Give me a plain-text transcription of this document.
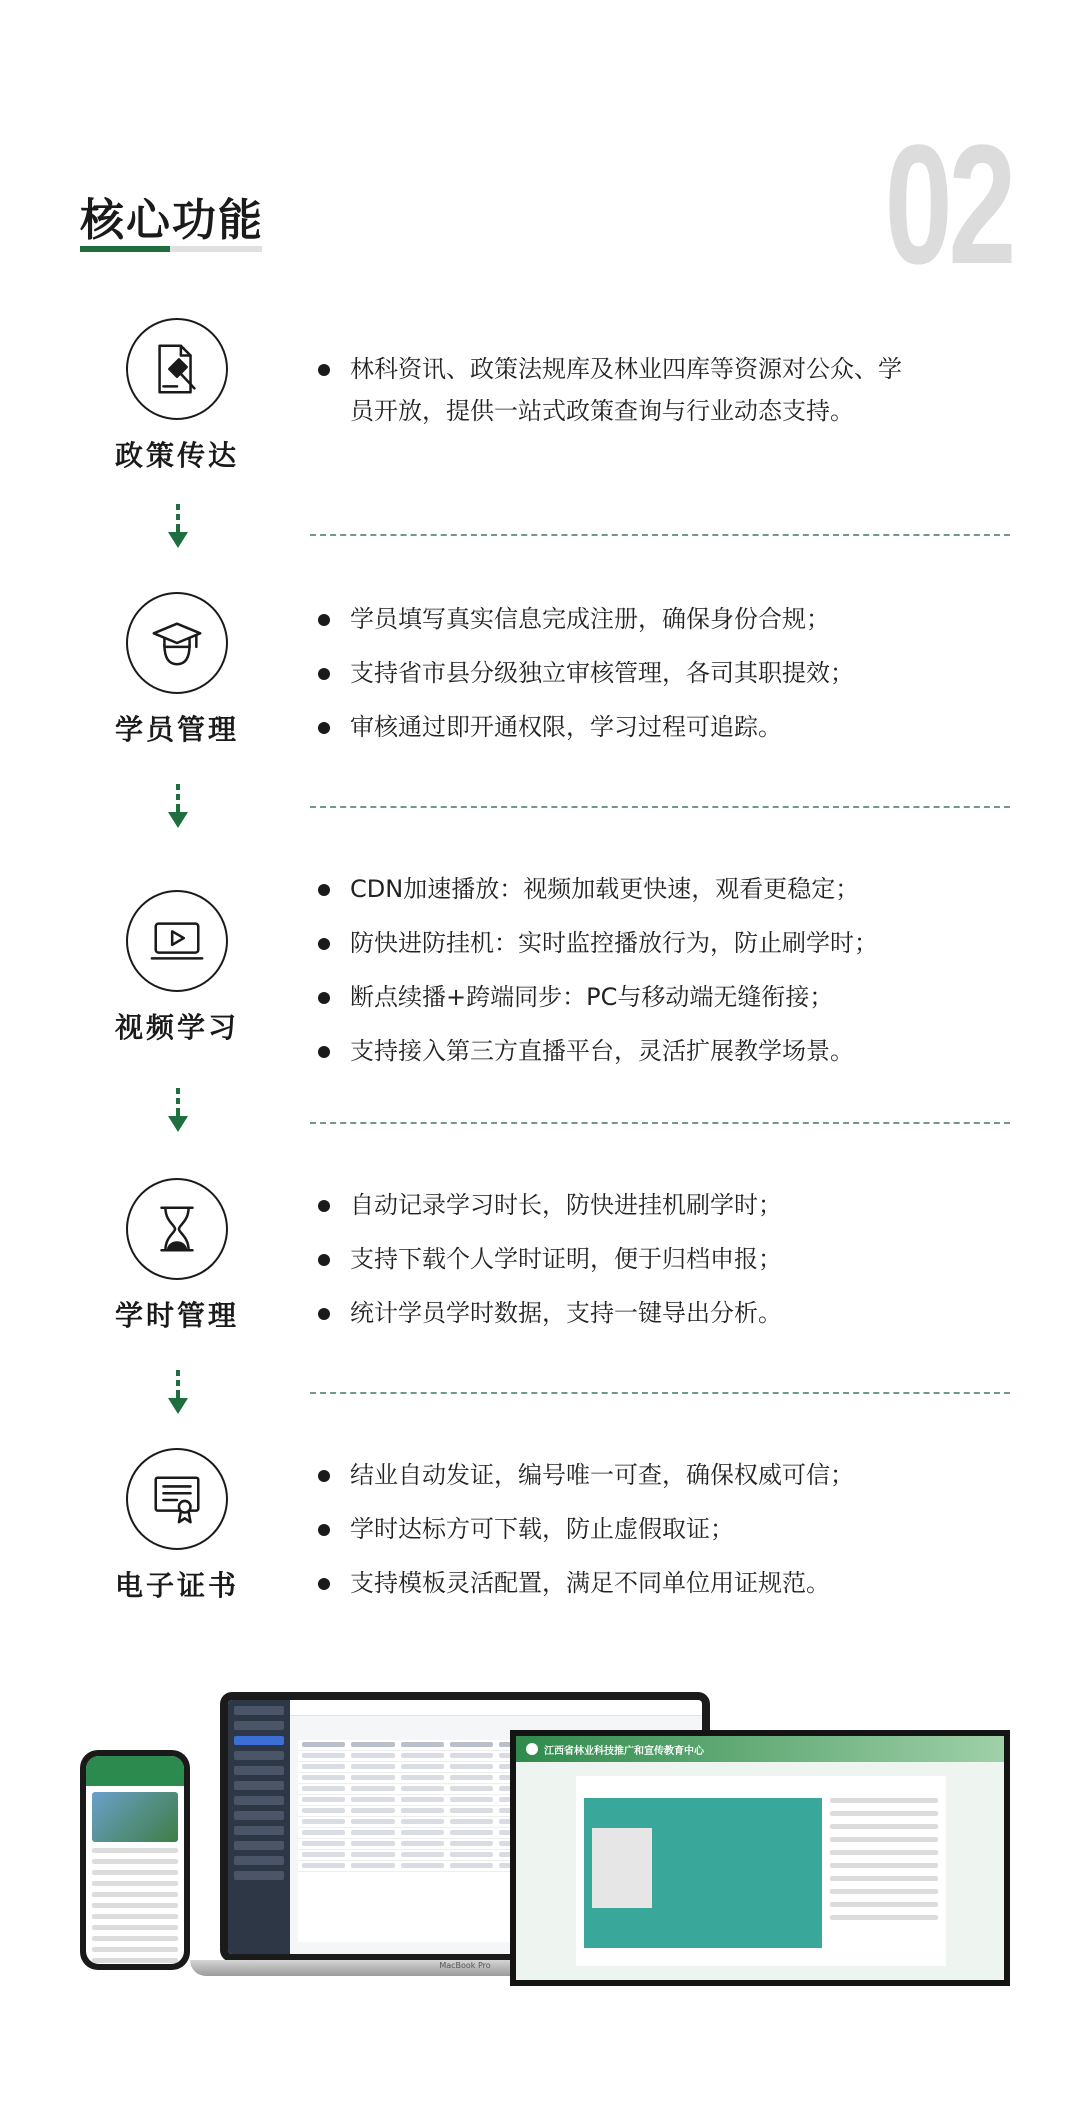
核心功能	02
政策传达
林科资讯、政策法规库及林业四库等资源对公众、学员开放，提供一站式政策查询与行业动态支持。
学员管理
学员填写真实信息完成注册，确保身份合规；
支持省市县分级独立审核管理，各司其职提效；
审核通过即开通权限，学习过程可追踪。
视频学习
CDN加速播放：视频加载更快速，观看更稳定；
防快进防挂机：实时监控播放行为，防止刷学时；
断点续播+跨端同步：PC与移动端无缝衔接；
支持接入第三方直播平台，灵活扩展教学场景。
学时管理
自动记录学习时长，防快进挂机刷学时；
支持下载个人学时证明，便于归档申报；
统计学员学时数据，支持一键导出分析。
电子证书
结业自动发证，编号唯一可查，确保权威可信；
学时达标方可下载，防止虚假取证；
支持模板灵活配置，满足不同单位用证规范。
MacBook Pro
江西省林业科技推广和宣传教育中心
